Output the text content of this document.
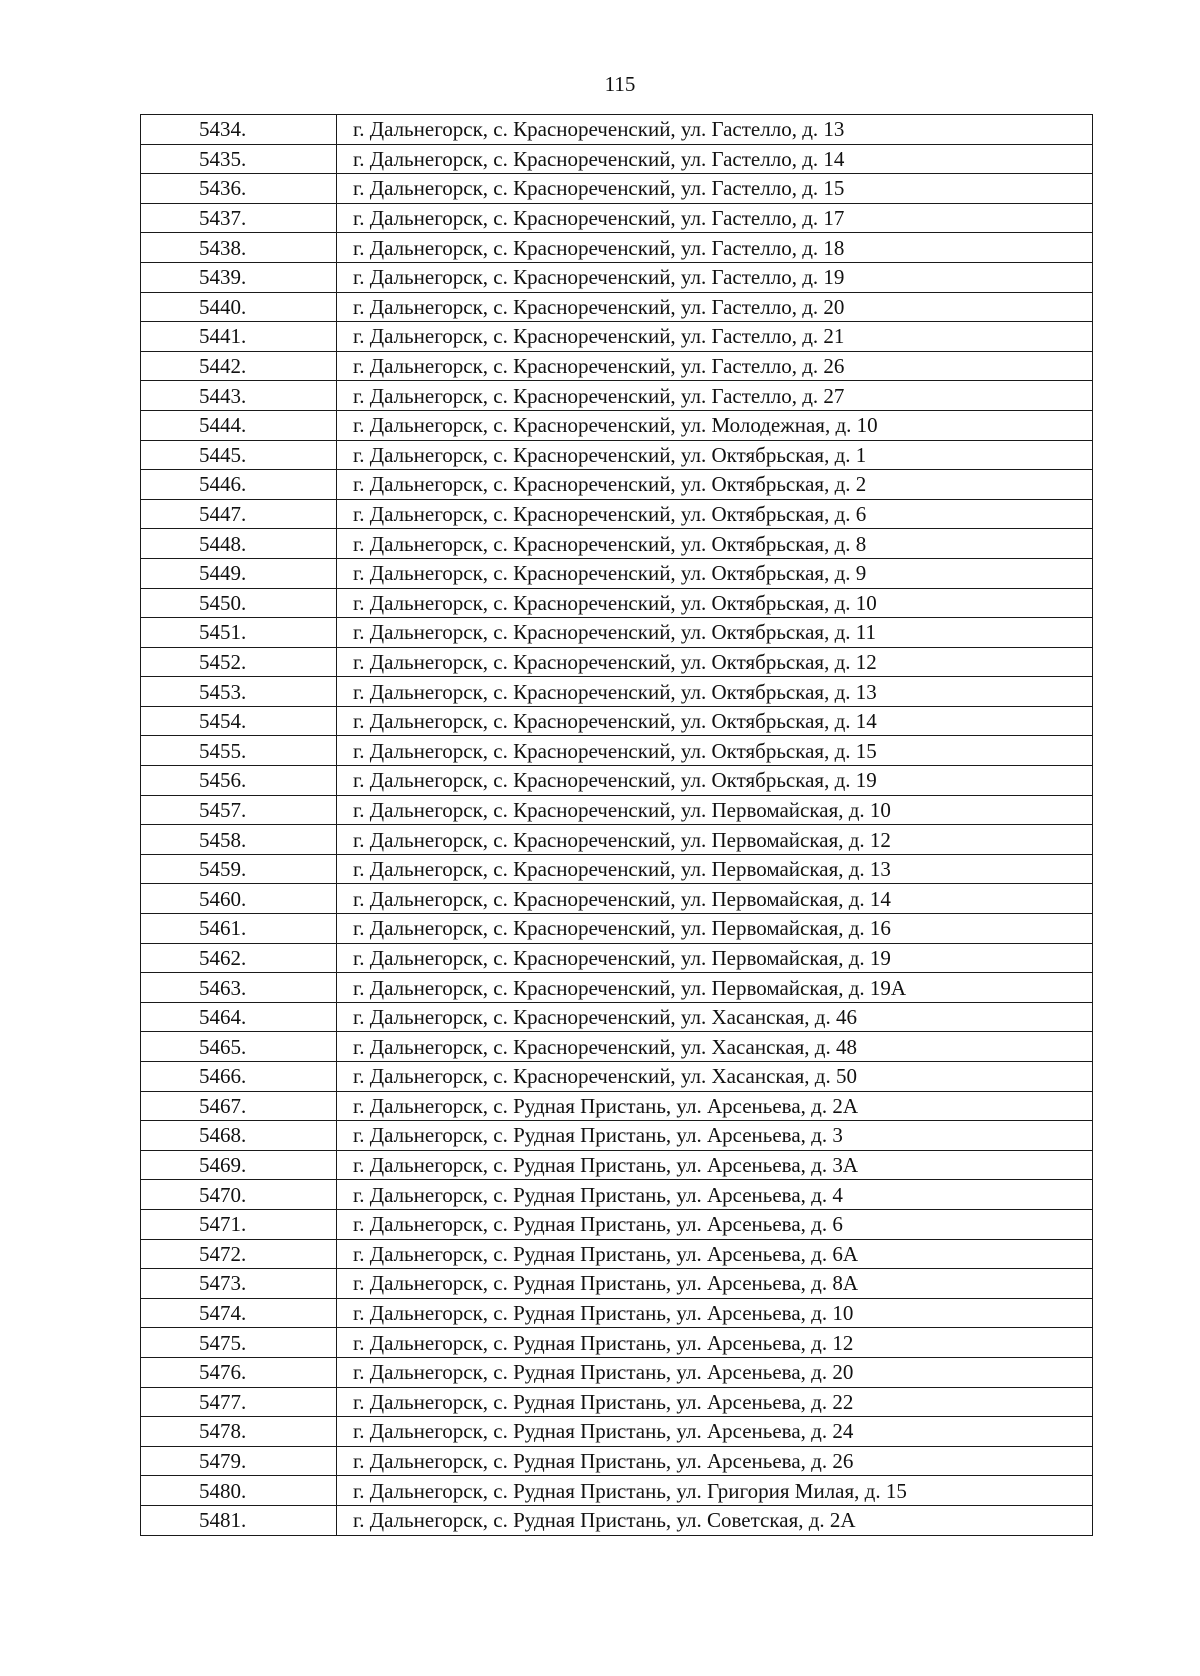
115
5434.	г. Дальнегорск, с. Краснореченский, ул. Гастелло, д. 13
5435.	г. Дальнегорск, с. Краснореченский, ул. Гастелло, д. 14
5436.	г. Дальнегорск, с. Краснореченский, ул. Гастелло, д. 15
5437.	г. Дальнегорск, с. Краснореченский, ул. Гастелло, д. 17
5438.	г. Дальнегорск, с. Краснореченский, ул. Гастелло, д. 18
5439.	г. Дальнегорск, с. Краснореченский, ул. Гастелло, д. 19
5440.	г. Дальнегорск, с. Краснореченский, ул. Гастелло, д. 20
5441.	г. Дальнегорск, с. Краснореченский, ул. Гастелло, д. 21
5442.	г. Дальнегорск, с. Краснореченский, ул. Гастелло, д. 26
5443.	г. Дальнегорск, с. Краснореченский, ул. Гастелло, д. 27
5444.	г. Дальнегорск, с. Краснореченский, ул. Молодежная, д. 10
5445.	г. Дальнегорск, с. Краснореченский, ул. Октябрьская, д. 1
5446.	г. Дальнегорск, с. Краснореченский, ул. Октябрьская, д. 2
5447.	г. Дальнегорск, с. Краснореченский, ул. Октябрьская, д. 6
5448.	г. Дальнегорск, с. Краснореченский, ул. Октябрьская, д. 8
5449.	г. Дальнегорск, с. Краснореченский, ул. Октябрьская, д. 9
5450.	г. Дальнегорск, с. Краснореченский, ул. Октябрьская, д. 10
5451.	г. Дальнегорск, с. Краснореченский, ул. Октябрьская, д. 11
5452.	г. Дальнегорск, с. Краснореченский, ул. Октябрьская, д. 12
5453.	г. Дальнегорск, с. Краснореченский, ул. Октябрьская, д. 13
5454.	г. Дальнегорск, с. Краснореченский, ул. Октябрьская, д. 14
5455.	г. Дальнегорск, с. Краснореченский, ул. Октябрьская, д. 15
5456.	г. Дальнегорск, с. Краснореченский, ул. Октябрьская, д. 19
5457.	г. Дальнегорск, с. Краснореченский, ул. Первомайская, д. 10
5458.	г. Дальнегорск, с. Краснореченский, ул. Первомайская, д. 12
5459.	г. Дальнегорск, с. Краснореченский, ул. Первомайская, д. 13
5460.	г. Дальнегорск, с. Краснореченский, ул. Первомайская, д. 14
5461.	г. Дальнегорск, с. Краснореченский, ул. Первомайская, д. 16
5462.	г. Дальнегорск, с. Краснореченский, ул. Первомайская, д. 19
5463.	г. Дальнегорск, с. Краснореченский, ул. Первомайская, д. 19А
5464.	г. Дальнегорск, с. Краснореченский, ул. Хасанская, д. 46
5465.	г. Дальнегорск, с. Краснореченский, ул. Хасанская, д. 48
5466.	г. Дальнегорск, с. Краснореченский, ул. Хасанская, д. 50
5467.	г. Дальнегорск, с. Рудная Пристань, ул. Арсеньева, д. 2А
5468.	г. Дальнегорск, с. Рудная Пристань, ул. Арсеньева, д. 3
5469.	г. Дальнегорск, с. Рудная Пристань, ул. Арсеньева, д. 3А
5470.	г. Дальнегорск, с. Рудная Пристань, ул. Арсеньева, д. 4
5471.	г. Дальнегорск, с. Рудная Пристань, ул. Арсеньева, д. 6
5472.	г. Дальнегорск, с. Рудная Пристань, ул. Арсеньева, д. 6А
5473.	г. Дальнегорск, с. Рудная Пристань, ул. Арсеньева, д. 8А
5474.	г. Дальнегорск, с. Рудная Пристань, ул. Арсеньева, д. 10
5475.	г. Дальнегорск, с. Рудная Пристань, ул. Арсеньева, д. 12
5476.	г. Дальнегорск, с. Рудная Пристань, ул. Арсеньева, д. 20
5477.	г. Дальнегорск, с. Рудная Пристань, ул. Арсеньева, д. 22
5478.	г. Дальнегорск, с. Рудная Пристань, ул. Арсеньева, д. 24
5479.	г. Дальнегорск, с. Рудная Пристань, ул. Арсеньева, д. 26
5480.	г. Дальнегорск, с. Рудная Пристань, ул. Григория Милая, д. 15
5481.	г. Дальнегорск, с. Рудная Пристань, ул. Советская, д. 2А
